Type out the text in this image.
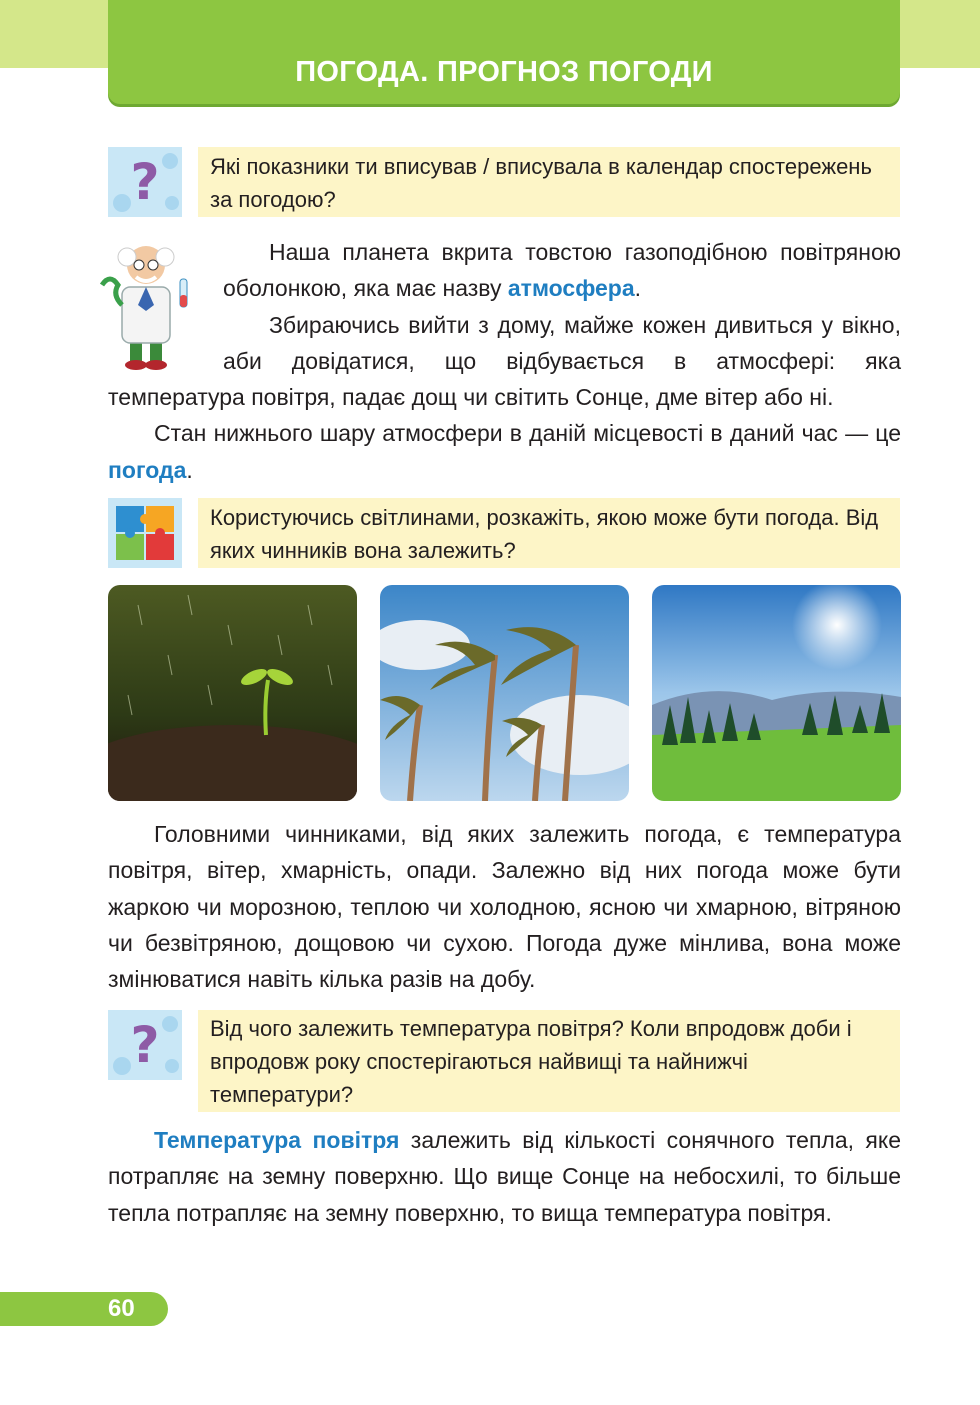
ПОГОДА. ПРОГНОЗ ПОГОДИ
?	Які показники ти вписував / вписувала в календар спостережень за погодою?

Наша планета вкрита товстою газоподібною повітряною оболонкою, яка має назву атмосфера.

Збираючись вийти з дому, майже кожен дивиться у вікно, аби довідатися, що відбувається в атмосфері: яка температура повітря, падає дощ чи світить Сонце, дме вітер або ні.

Стан нижнього шару атмосфери в даній місцевості в даний час — це погода.

Користуючись світлинами, розкажіть, якою може бути погода. Від яких чинників вона залежить?

Головними чинниками, від яких залежить погода, є температура повітря, вітер, хмарність, опади. Залежно від них погода може бути жаркою чи морозною, теплою чи холодною, ясною чи хмарною, вітряною чи безвітряною, дощовою чи сухою. Погода дуже мінлива, вона може змінюватися навіть кілька разів на добу.

?	Від чого залежить температура повітря? Коли впродовж доби і впродовж року спостерігаються найвищі та найнижчі температури?

Температура повітря залежить від кількості сонячного тепла, яке потрапляє на земну поверхню. Що вище Сонце на небосхилі, то більше тепла потрапляє на земну поверхню, то вища температура повітря.

60
